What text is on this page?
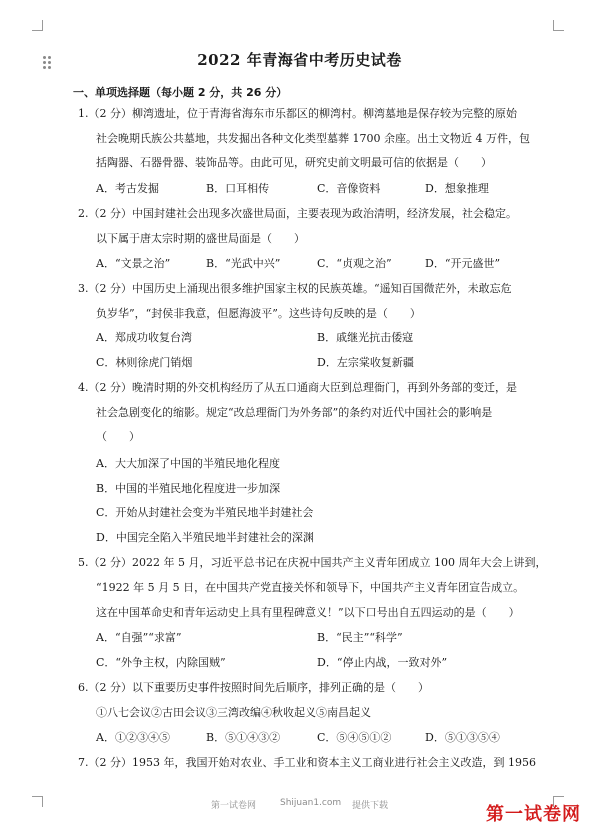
2022 年青海省中考历史试卷
一、单项选择题（每小题 2 分，共 26 分）
1.（2 分）柳湾遗址，位于青海省海东市乐都区的柳湾村。柳湾墓地是保存较为完整的原始
社会晚期氏族公共墓地，共发掘出各种文化类型墓葬 1700 余座。出土文物近 4 万件，包
括陶器、石器骨器、装饰品等。由此可见，研究史前文明最可信的依据是（　　）
A．考古发掘	B．口耳相传	C．音像资料	D．想象推理
2.（2 分）中国封建社会出现多次盛世局面，主要表现为政治清明，经济发展，社会稳定。
以下属于唐太宗时期的盛世局面是（　　）
A．“文景之治”	B．“光武中兴”	C．“贞观之治”	D．“开元盛世”
3.（2 分）中国历史上涌现出很多维护国家主权的民族英雄。“遥知百国微茫外，未敢忘危
负岁华”，“封侯非我意，但愿海波平”。这些诗句反映的是（　　）
A．郑成功收复台湾	B．戚继光抗击倭寇
C．林则徐虎门销烟	D．左宗棠收复新疆
4.（2 分）晚清时期的外交机构经历了从五口通商大臣到总理衙门，再到外务部的变迁，是
社会急剧变化的缩影。规定“改总理衙门为外务部”的条约对近代中国社会的影响是
（　　）
A．大大加深了中国的半殖民地化程度
B．中国的半殖民地化程度进一步加深
C．开始从封建社会变为半殖民地半封建社会
D．中国完全陷入半殖民地半封建社会的深渊
5.（2 分）2022 年 5 月，习近平总书记在庆祝中国共产主义青年团成立 100 周年大会上讲到，
“1922 年 5 月 5 日，在中国共产党直接关怀和领导下，中国共产主义青年团宣告成立。
这在中国革命史和青年运动史上具有里程碑意义！”以下口号出自五四运动的是（　　）
A．“自强”“求富”	B．“民主”“科学”
C．“外争主权，内除国贼”	D．“停止内战，一致对外”
6.（2 分）以下重要历史事件按照时间先后顺序，排列正确的是（　　）
①八七会议②古田会议③三湾改编④秋收起义⑤南昌起义
A．①②③④⑤	B．⑤①④③②	C．⑤④⑤①②	D．⑤①③⑤④
7.（2 分）1953 年，我国开始对农业、手工业和资本主义工商业进行社会主义改造，到 1956
第一试卷网	Shijuan1.com 提供下载	第一试卷网
